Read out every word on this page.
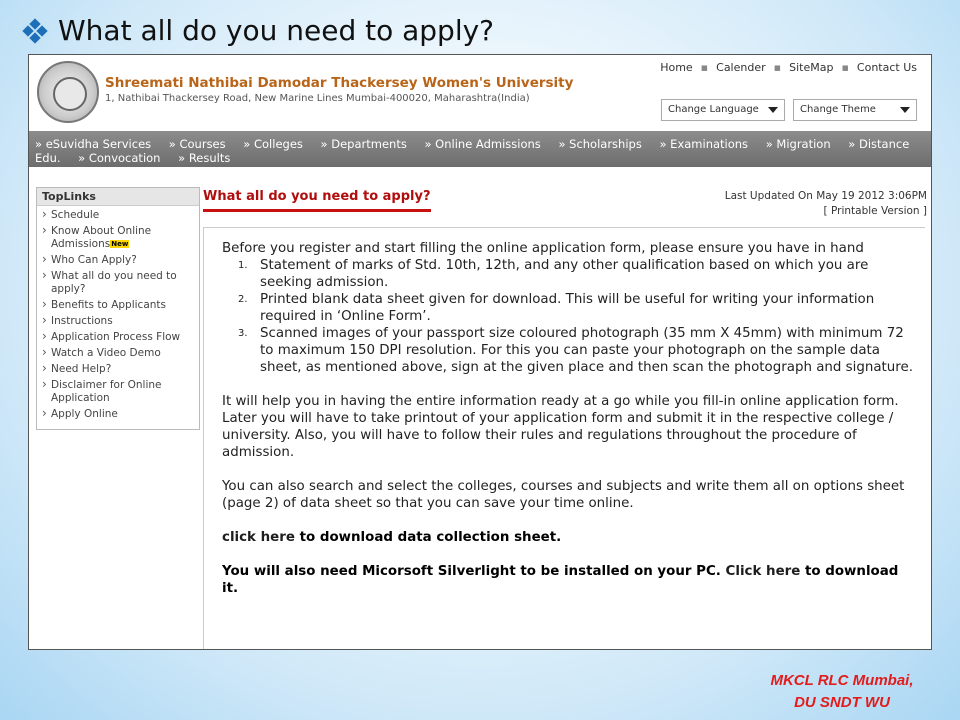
What all do you need to apply?
Shreemati Nathibai Damodar Thackersey Women's University
1, Nathibai Thackersey Road, New Marine Lines Mumbai-400020, Maharashtra(India)
Home ▪ Calender ▪ SiteMap ▪ Contact Us
Change Language	Change Theme
» eSuvidha Services » Courses » Colleges » Departments » Online Admissions » Scholarships » Examinations » Migration » Distance
Edu. » Convocation » Results
TopLinks
› Schedule
› Know About Online Admissions$^{New}$
› Who Can Apply?
› What all do you need to apply?
› Benefits to Applicants
› Instructions
› Application Process Flow
› Watch a Video Demo
› Need Help?
› Disclaimer for Online Application
› Apply Online
What all do you need to apply?	Last Updated On May 19 2012 3:06PM
[ Printable Version ]

Before you register and start filling the online application form, please ensure you have in hand

1. Statement of marks of Std. 10th, 12th, and any other qualification based on which you are seeking admission.
2. Printed blank data sheet given for download. This will be useful for writing your information required in ‘Online Form’.
3. Scanned images of your passport size coloured photograph (35 mm X 45mm) with minimum 72 to maximum 150 DPI resolution. For this you can paste your photograph on the sample data sheet, as mentioned above, sign at the given place and then scan the photograph and signature.

It will help you in having the entire information ready at a go while you fill-in online application form.

Later you will have to take printout of your application form and submit it in the respective college / university. Also, you will have to follow their rules and regulations throughout the procedure of admission.

You can also search and select the colleges, courses and subjects and write them all on options sheet (page 2) of data sheet so that you can save your time online.

click here to download data collection sheet.

You will also need Micorsoft Silverlight to be installed on your PC. Click here to download it.

MKCL RLC Mumbai,
DU SNDT WU
